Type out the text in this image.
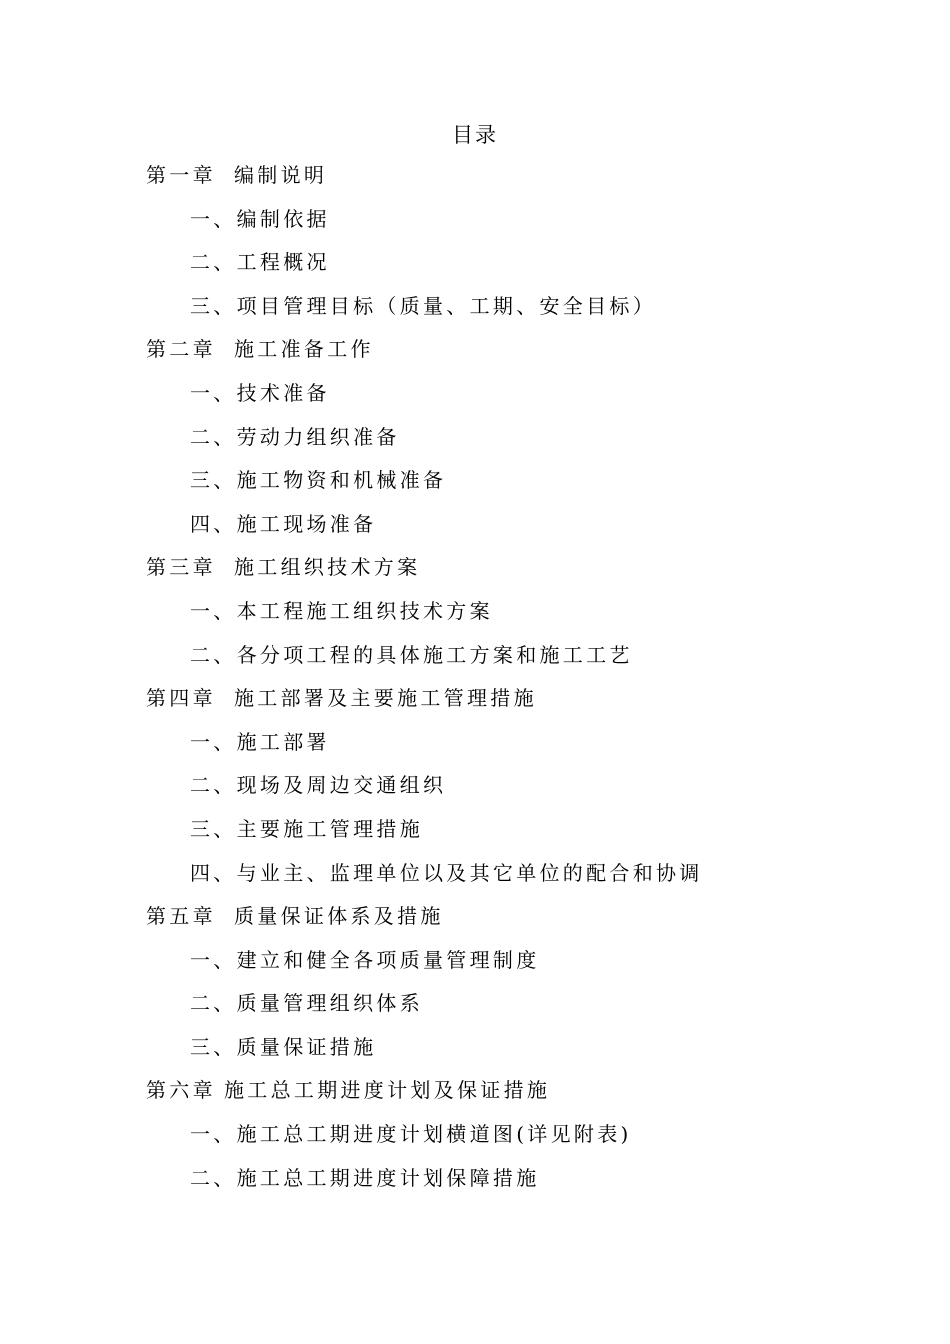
目录
第一章 编制说明
一、编制依据
二、工程概况
三、项目管理目标（质量、工期、安全目标）
第二章 施工准备工作
一、技术准备
二、劳动力组织准备
三、施工物资和机械准备
四、施工现场准备
第三章 施工组织技术方案
一、本工程施工组织技术方案
二、各分项工程的具体施工方案和施工工艺
第四章 施工部署及主要施工管理措施
一、施工部署
二、现场及周边交通组织
三、主要施工管理措施
四、与业主、监理单位以及其它单位的配合和协调
第五章 质量保证体系及措施
一、建立和健全各项质量管理制度
二、质量管理组织体系
三、质量保证措施
第六章 施工总工期进度计划及保证措施
一、施工总工期进度计划横道图(详见附表)
二、施工总工期进度计划保障措施
